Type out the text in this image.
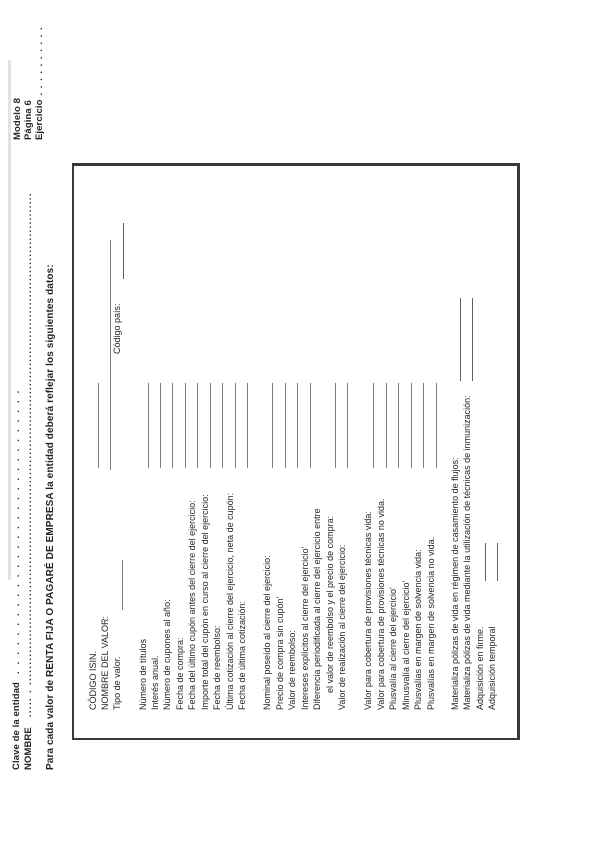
Clave de la entidad. . . . . . . . . . . . . . . . . . . . . . . . . . . . . .
NOMBRE..... . .......................................................................................................................... Para cada valor de RENTA FIJA O PAGARÉ DE EMPRESA la entidad deberá reflejar los siguientes datos:
Modelo 8 Página 6 Ejercicio. . . . . . . . . .
CÓDIGO ISIN. NOMBRE DEL VALOR: Tipo de valor.
Código país:
Número de títulos Interés anual. Número de cupones al año: Fecha de compra: Fecha del último cupón antes del cierre del ejercicio: Importe total del cupón en curso al cierre del ejercicio: Fecha de reembolso: Última cotización al cierre del ejercicio, neta de cupón: Fecha de última cotización: Nominal poseído al cierre del ejercicio: Precio de compra sin cupón' Valor de reembolso: Intereses explícitos al cierre del ejercicio' Diferencia periodificada al cierre del ejercicio entre el valor de reembolso y el precio de compra: Valor de realización al cierre del ejercicio: Valor para cobertura de provisiones técnicas vida: Valor para cobertura de provisiones técnicas no vida. Plusvalía al cierre del ejercicio' Minusvalía al cierre del ejercicio' Plusvalías en margen de solvencia vida: Plusvalías en margen de solvencia no vida. Materializa pólizas de vida en régimen de casamiento de flujos: Materializa pólizas de vida mediante la utilización de técnicas de inmunización: Adquisición en firme. Adquisición temporal
